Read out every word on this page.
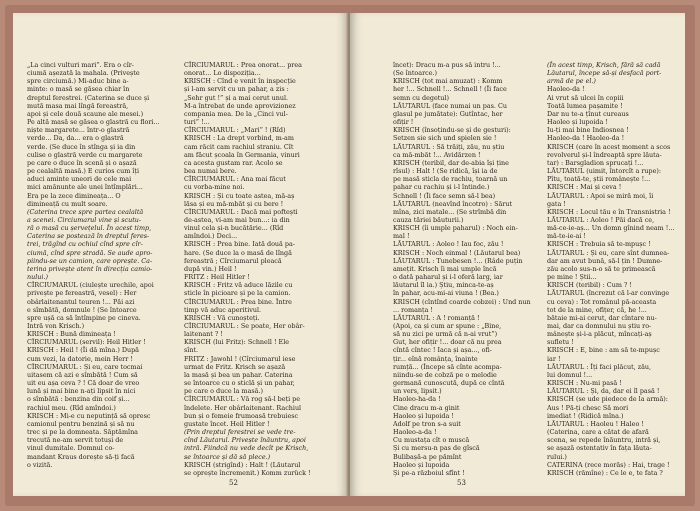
„La cinci vulturi mari”. Era o cîr-
ciumă așezată la mahala. (Privește
spre circiumă.) Mi-aduc bine a-
minte: o masă se găsea chiar în
dreptul ferestrei. (Caterina se duce și
mută masa mai lîngă fereastră,
apoi și cele două scaune ale mesei.)
Pe altă masă se găsea o glastră cu flori...
niște margarete... într-o glastră
verde... Da, da... era o glastră
verde. (Se duce în stînga și ia din
culise o glastră verde cu margarete
pe care o duce în scenă și o așază
pe cealaltă masă.) E curios cum îți
aduci aminte uneori de cele mai
mici amănunte ale unei întîmplări...
Era pe la zece dimineața... O
dimineață cu mult soare.
(Caterina trece spre partea cealaltă
a scenei. Circiumarul vine și scutu-
ră o masă cu șervețelul. În acest timp,
Caterina se postează în dreptul feres-
trei, trăgînd cu ochiul cînd spre cîr-
ciumă, cînd spre stradă. Se aude apro-
piindu-se un camion, care oprește. Ca-
terina privește atent în direcția camio-
nului.)
CÎRCIUMARUL (ciulește urechile, apoi
privește pe fereastră, vesel) : Her
obârlaitenantul teuren !... Păi azi
e sîmbătă, domnule ! (Se întoarce
spre ușă ca să întîmpine pe cineva.
Intră von Krisch.)
KRISCH : Bună dimineața !
CÎRCIUMARUL (servil): Heil Hitler !
KRISCH : Heil ! (Îi dă mîna.) După
cum vezi, la datorie, mein Herr !
CÎRCIUMARUL : Și eu, care tocmai
uitasem că azi e sîmbătă ! Cum să
uit eu așa ceva ? ! Că doar de vreo
lună și mai bine n-ați lipsit în nici
o sîmbătă : benzina din coif și...
rachiul meu. (Rîd amîndoi.)
KRISCH : Mi-e cu neputință să opresc
camionul pentru benzină și să nu
trec și pe la domneata. Săptămîna
trecută ne-am servit totuși de
vinul dumitale. Domnul co-
mandant Kraus dorește să-ți facă
o vizită.
CÎRCIUMARUL : Prea onorat... prea
onorat... Lo dispoziția...
KRISCH : Cînd e venit în inspecție
și l-am servit cu un pahar, a zis :
„Sehr gut !” și a mai cerut unul.
M-a întrebat de unde aprovizionez
compania mea. De la „Cinci vul-
turi” !...
CÎRCIUMARUL : „Mari” ! (Rîd)
KRISCH : La drept vorbind, m-am
cam răcit cam rachiul straniu. Cît
am făcut școala în Germania, vinuri
ca acesta gustam rar. Acolo se
bea numai bere.
CÎRCIUMARUL : Ana mai făcut
cu vorba-mine noi.
KRISCH : Și cu toate astea, mă-aș
lăsa și eu mă-mbăt și cu bere !
CÎRCIUMARUL : Dacă mai poftești
de-astea, vi-am mai bun...: ia din
vinul cela și-n bucătărie... (Rîd
amîndoi.) Deci...
KRISCH : Prea bine. Iată două pa-
hare. (Se duce la o masă de lîngă
fereastră ; Cîrciumarul pleacă
după vin.) Heil !
FRITZ : Heil Hitler !
KRISCH : Fritz vă aduce lăzile cu
sticle în picioare și pe la camion.
CÎRCIUMARUL : Prea bine. Între
timp vă aduc aperitivul.
KRISCH : Vă cunoșteți.
CÎRCIUMARUL : Se poate, Her obâr-
laitenant ? !
KRISCH (lui Fritz): Schnell ! Ele
sînt.
FRITZ : Jawohl ! (Cîrciumarul iese
urmat de Fritz. Krisch se așază
la masă și bea un pahar. Caterina
se întoarce cu o sticlă și un pahar,
pe care o duce la masă.)
CÎRCIUMARUL : Vă rog să-l beți pe
îndelete. Her obârlaitenant. Rachiul
bun și o femeie frumoasă trebuiesc
gustate încet. Heil Hitler !
(Prin dreptul ferestrei se vede tre-
cînd Lăutarul. Privește înăuntru, apoi
intră. Fiindcă nu vede decît pe Krisch,
se întoarce și dă să plece.)
KRISCH (strigînd) : Halt ! (Lăutarul
se oprește încremenit.) Komm zurück !
52
încet): Dracu m-a pus să intru !...
(Se întoarce.)
KRISCH (tot mai amuzat) : Komm
her !... Schnell !... Schnell ! (Îi face
semn cu degetul)
LĂUTARUL (face numai un pas. Cu
glasul pe jumătate): Gutîntac, her
ofițir !
KRISCH (însoțindu-se și de gesturi):
Setzen sie sich und spielen sie !
LĂUTARUL : Să trăiți, zău, nu știu
ca mă-mbăt !... Avidărzen !
KRISCH (teribil, dar de-abia își ține
rîsul) : Halt ! (Se ridică, își ia de
pe masă sticla de rachiu, toarnă un
pahar cu rachiu și i-l întinde.)
Schnell ! (Îi face semn să-l bea)
LĂUTARUL (neavînd încotro) : Sărut
mîna, zici matale... (Se strîmbă din
cauza tăriei băuturii.)
KRISCH (îi umple paharul) : Noch ein-
mal !
LĂUTARUL : Aoleo ! Iau foc, zău !
KRISCH : Noch einmal ! (Lăutarul bea)
LĂUTARUL : Tunebesen !... (Râde puțin
amețit. Krisch îi mai umple încă
o dată paharul și i-l oferă larg, iar
lăutarul îl ia.) Știu, minca-te-aș
în pahar, acu-mi-ai viuna ! (Bea.)
KRISCH (cîntînd coarde cobzei) : Und nun
... romanța !
LĂUTARUL : A ! romanță !
(Apoi, ca și cum ar spune : „Bine,
să nu zici pe urmă că n-ai vrut”)
Gut, her ofițir !... doar că nu prea
cîntă cîntec ! Iaca și așa..., ofi-
țir... eînă românța, înainte
rumță... (Începe să cînte acompa-
niindu-se de cobză pe o melodie
germană cunoscută, după ce cîntă
un vers, lipsit.)
Haoleo-ha-da !
Cine dracu m-a ginit
Haoleo și lupoida !
Adolf pe tron s-a suit
Haoleo-a-da !
Cu mustața cît o muscă
Și cu mersu-n pas de gîscă
Bulibașă-a pe pămînt
Haoleo și lupoida
Și pe-a războiul sfînt !
(În acest timp, Krisch, fără să cadă
Lăutarul, începe să-și desfacă port-
armă de pe el.)
Haoleo-da !
Ai vrut să ulcei în copiii
Toată lumea pașamite !
Dar nu te-a țînut cureaus
Haoleo și lupoida !
Iu-ți mai bine Indiosnea !
Haoleo-da ! Haoleo-da !
KRISCH (care în acest moment a scos
revolverul și-l îndreaptă spre lăuta-
tar) : Barsgladion sprucați !...
LĂUTARUL (uimit, întorcît a rupe):
Pîtu, toată-te, știi românește !...
KRISCH : Mai și ceva !
LĂUTARUL : Apoi se miră moi, îi
gata !
KRISCH : Locul tău e în Transnistria !
LĂUTARUL : Aoleo ! Păi dacă ce,
mă-ce-ie-aș... Un domn gînind neam !...
mă-te-ie-ai !
KRISCH : Trebuia să te-mpușc !
LĂUTARUL : Și eu, care sînt dumnea-
dar am avut bună, să-l țin ! Dumne-
zău acolo sus-n-o să te primească
pe mine ! Știi...
KRISCH (teribil) : Cum ? !
LĂUTARUL (încrezut că l-ar convinge
cu ceva) : Tot românul pă-aceasta
tot de la mine, ofițer, că, he !...
bătaie mi-ai cerut, dar cîntare nu-
mai, dar ca domnului nu știu ro-
mânește și-i-a plăcut, mîncați-aș
sufletu !
KRISCH : E, bine : am să te-mpușc
iar !
LĂUTARUL : Îți faci plăcut, zău,
lui domnul !...
KRISCH : Nu-mi pasă !
LĂUTARUL : Și, da, dar ei îl pasă !
KRISCH (se ude piedece de la armă):
Aus ! Pă-ți chesc Să mori
imediat ! (Ridică mîna.)
LĂUTARUL : Haoleu ! Haleo !
(Caterina, care a cătat de afară
scena, se repede înăuntru, intră și,
se așază ostentativ în fața lăuta-
rului.)
CATERINA (rece morăs) : Hai, trage !
KRISCH (rămîne) : Ce le e, te fata ?
53
